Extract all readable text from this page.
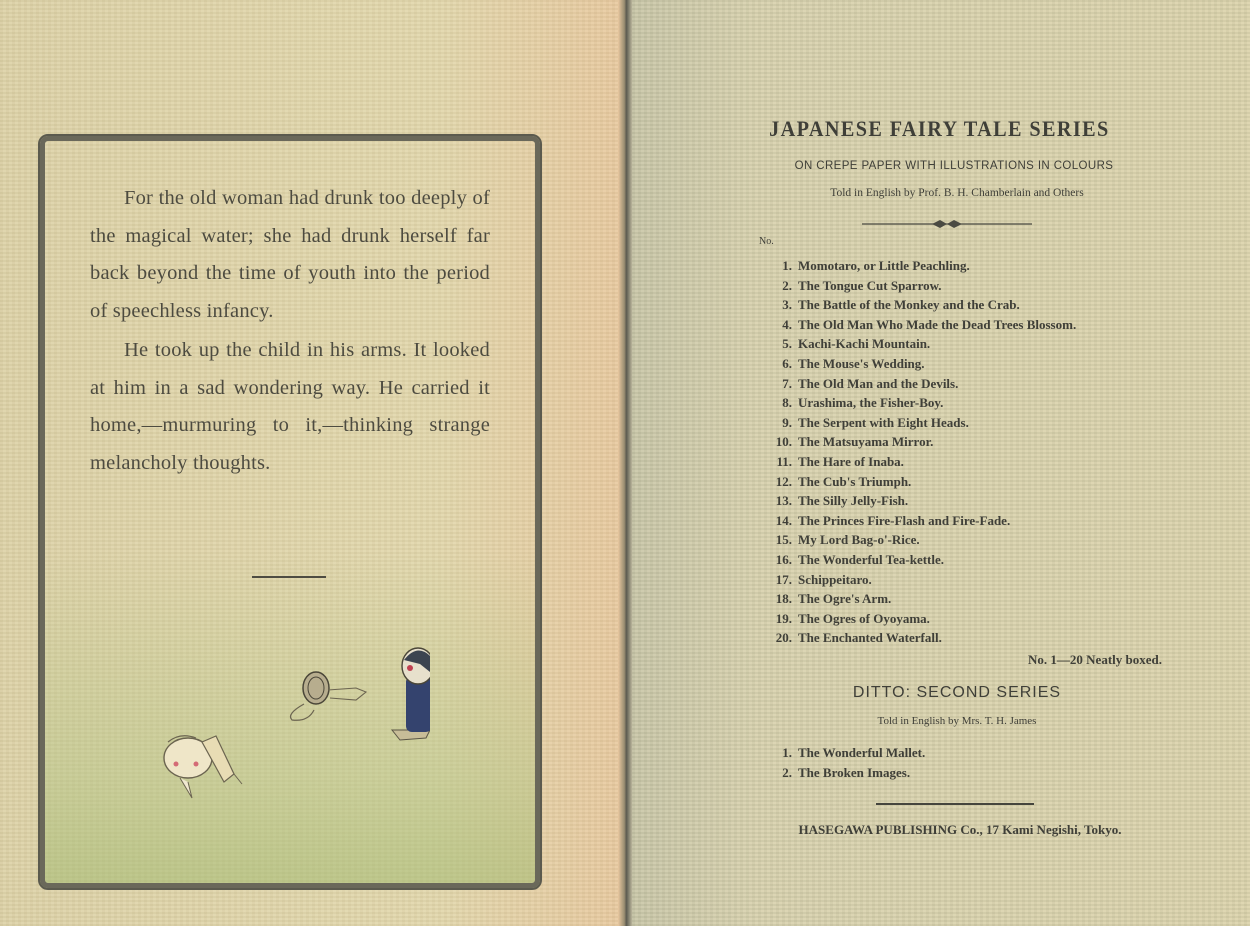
For the old woman had drunk too deeply of the magical water; she had drunk herself far back beyond the time of youth into the period of speechless infancy.

He took up the child in his arms. It looked at him in a sad wondering way. He carried it home,—murmuring to it,—thinking strange melancholy thoughts.

JAPANESE FAIRY TALE SERIES
ON CREPE PAPER WITH ILLUSTRATIONS IN COLOURS
Told in English by Prof. B. H. Chamberlain and Others
No.
1. Momotaro, or Little Peachling.
2. The Tongue Cut Sparrow.
3. The Battle of the Monkey and the Crab.
4. The Old Man Who Made the Dead Trees Blossom.
5. Kachi-Kachi Mountain.
6. The Mouse's Wedding.
7. The Old Man and the Devils.
8. Urashima, the Fisher-Boy.
9. The Serpent with Eight Heads.
10. The Matsuyama Mirror.
11. The Hare of Inaba.
12. The Cub's Triumph.
13. The Silly Jelly-Fish.
14. The Princes Fire-Flash and Fire-Fade.
15. My Lord Bag-o'-Rice.
16. The Wonderful Tea-kettle.
17. Schippeitaro.
18. The Ogre's Arm.
19. The Ogres of Oyoyama.
20. The Enchanted Waterfall.
No. 1—20 Neatly boxed.
DITTO: SECOND SERIES
Told in English by Mrs. T. H. James
1. The Wonderful Mallet.
2. The Broken Images.
HASEGAWA PUBLISHING Co., 17 Kami Negishi, Tokyo.
